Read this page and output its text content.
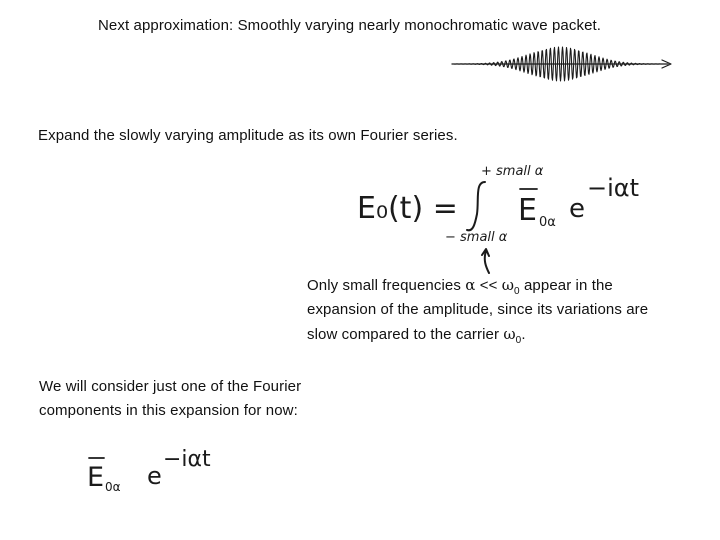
Next approximation: Smoothly varying nearly monochromatic wave packet.
Expand the slowly varying amplitude as its own Fourier series.
+ small α
− small α
E₀(t) = E 0α e
−iαt
Only small frequencies $\alpha << \omega_0$ appear in the
expansion of the amplitude, since its variations are
slow compared to the carrier $\omega_0$.
We will consider just one of the Fourier
components in this expansion for now:
E 0α e
−iαt
